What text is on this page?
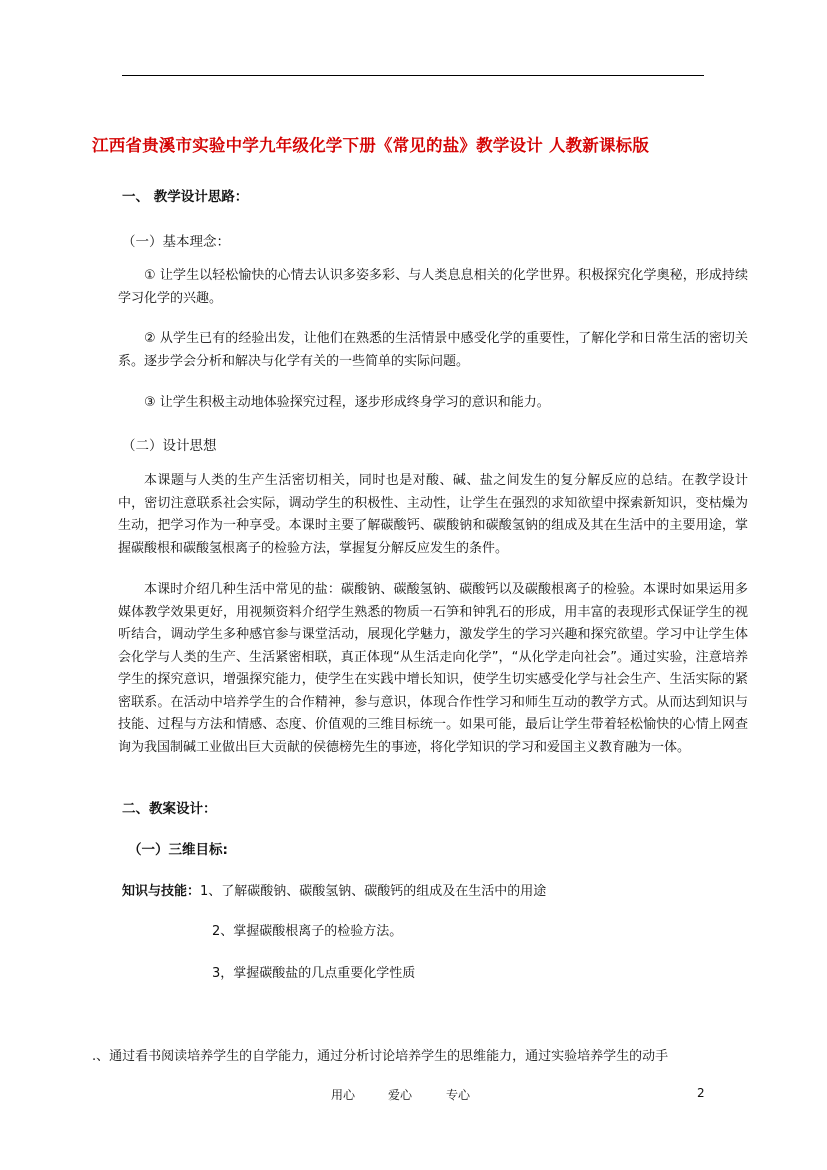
江西省贵溪市实验中学九年级化学下册《常见的盐》教学设计 人教新课标版
一、 教学设计思路：
（一）基本理念：

① 让学生以轻松愉快的心情去认识多姿多彩、与人类息息相关的化学世界。积极探究化学奥秘，形成持续学习化学的兴趣。

② 从学生已有的经验出发，让他们在熟悉的生活情景中感受化学的重要性，了解化学和日常生活的密切关系。逐步学会分析和解决与化学有关的一些简单的实际问题。

③ 让学生积极主动地体验探究过程，逐步形成终身学习的意识和能力。

（二）设计思想

本课题与人类的生产生活密切相关，同时也是对酸、碱、盐之间发生的复分解反应的总结。在教学设计中，密切注意联系社会实际，调动学生的积极性、主动性，让学生在强烈的求知欲望中探索新知识，变枯燥为生动，把学习作为一种享受。本课时主要了解碳酸钙、碳酸钠和碳酸氢钠的组成及其在生活中的主要用途，掌握碳酸根和碳酸氢根离子的检验方法，掌握复分解反应发生的条件。

本课时介绍几种生活中常见的盐：碳酸钠、碳酸氢钠、碳酸钙以及碳酸根离子的检验。本课时如果运用多媒体教学效果更好，用视频资料介绍学生熟悉的物质一石笋和钟乳石的形成，用丰富的表现形式保证学生的视听结合，调动学生多种感官参与课堂活动，展现化学魅力，激发学生的学习兴趣和探究欲望。学习中让学生体会化学与人类的生产、生活紧密相联，真正体现“从生活走向化学”，“从化学走向社会”。通过实验，注意培养学生的探究意识，增强探究能力，使学生在实践中增长知识，使学生切实感受化学与社会生产、生活实际的紧密联系。在活动中培养学生的合作精神，参与意识，体现合作性学习和师生互动的教学方式。从而达到知识与技能、过程与方法和情感、态度、价值观的三维目标统一。如果可能，最后让学生带着轻松愉快的心情上网查询为我国制碱工业做出巨大贡献的侯德榜先生的事迹，将化学知识的学习和爱国主义教育融为一体。

二、教案设计：
（一）三维目标:
知识与技能：1、了解碳酸钠、碳酸氢钠、碳酸钙的组成及在生活中的用途
2、掌握碳酸根离子的检验方法。
3，掌握碳酸盐的几点重要化学性质
.、通过看书阅读培养学生的自学能力，通过分析讨论培养学生的思维能力，通过实验培养学生的动手
用心	爱心	专心	2
